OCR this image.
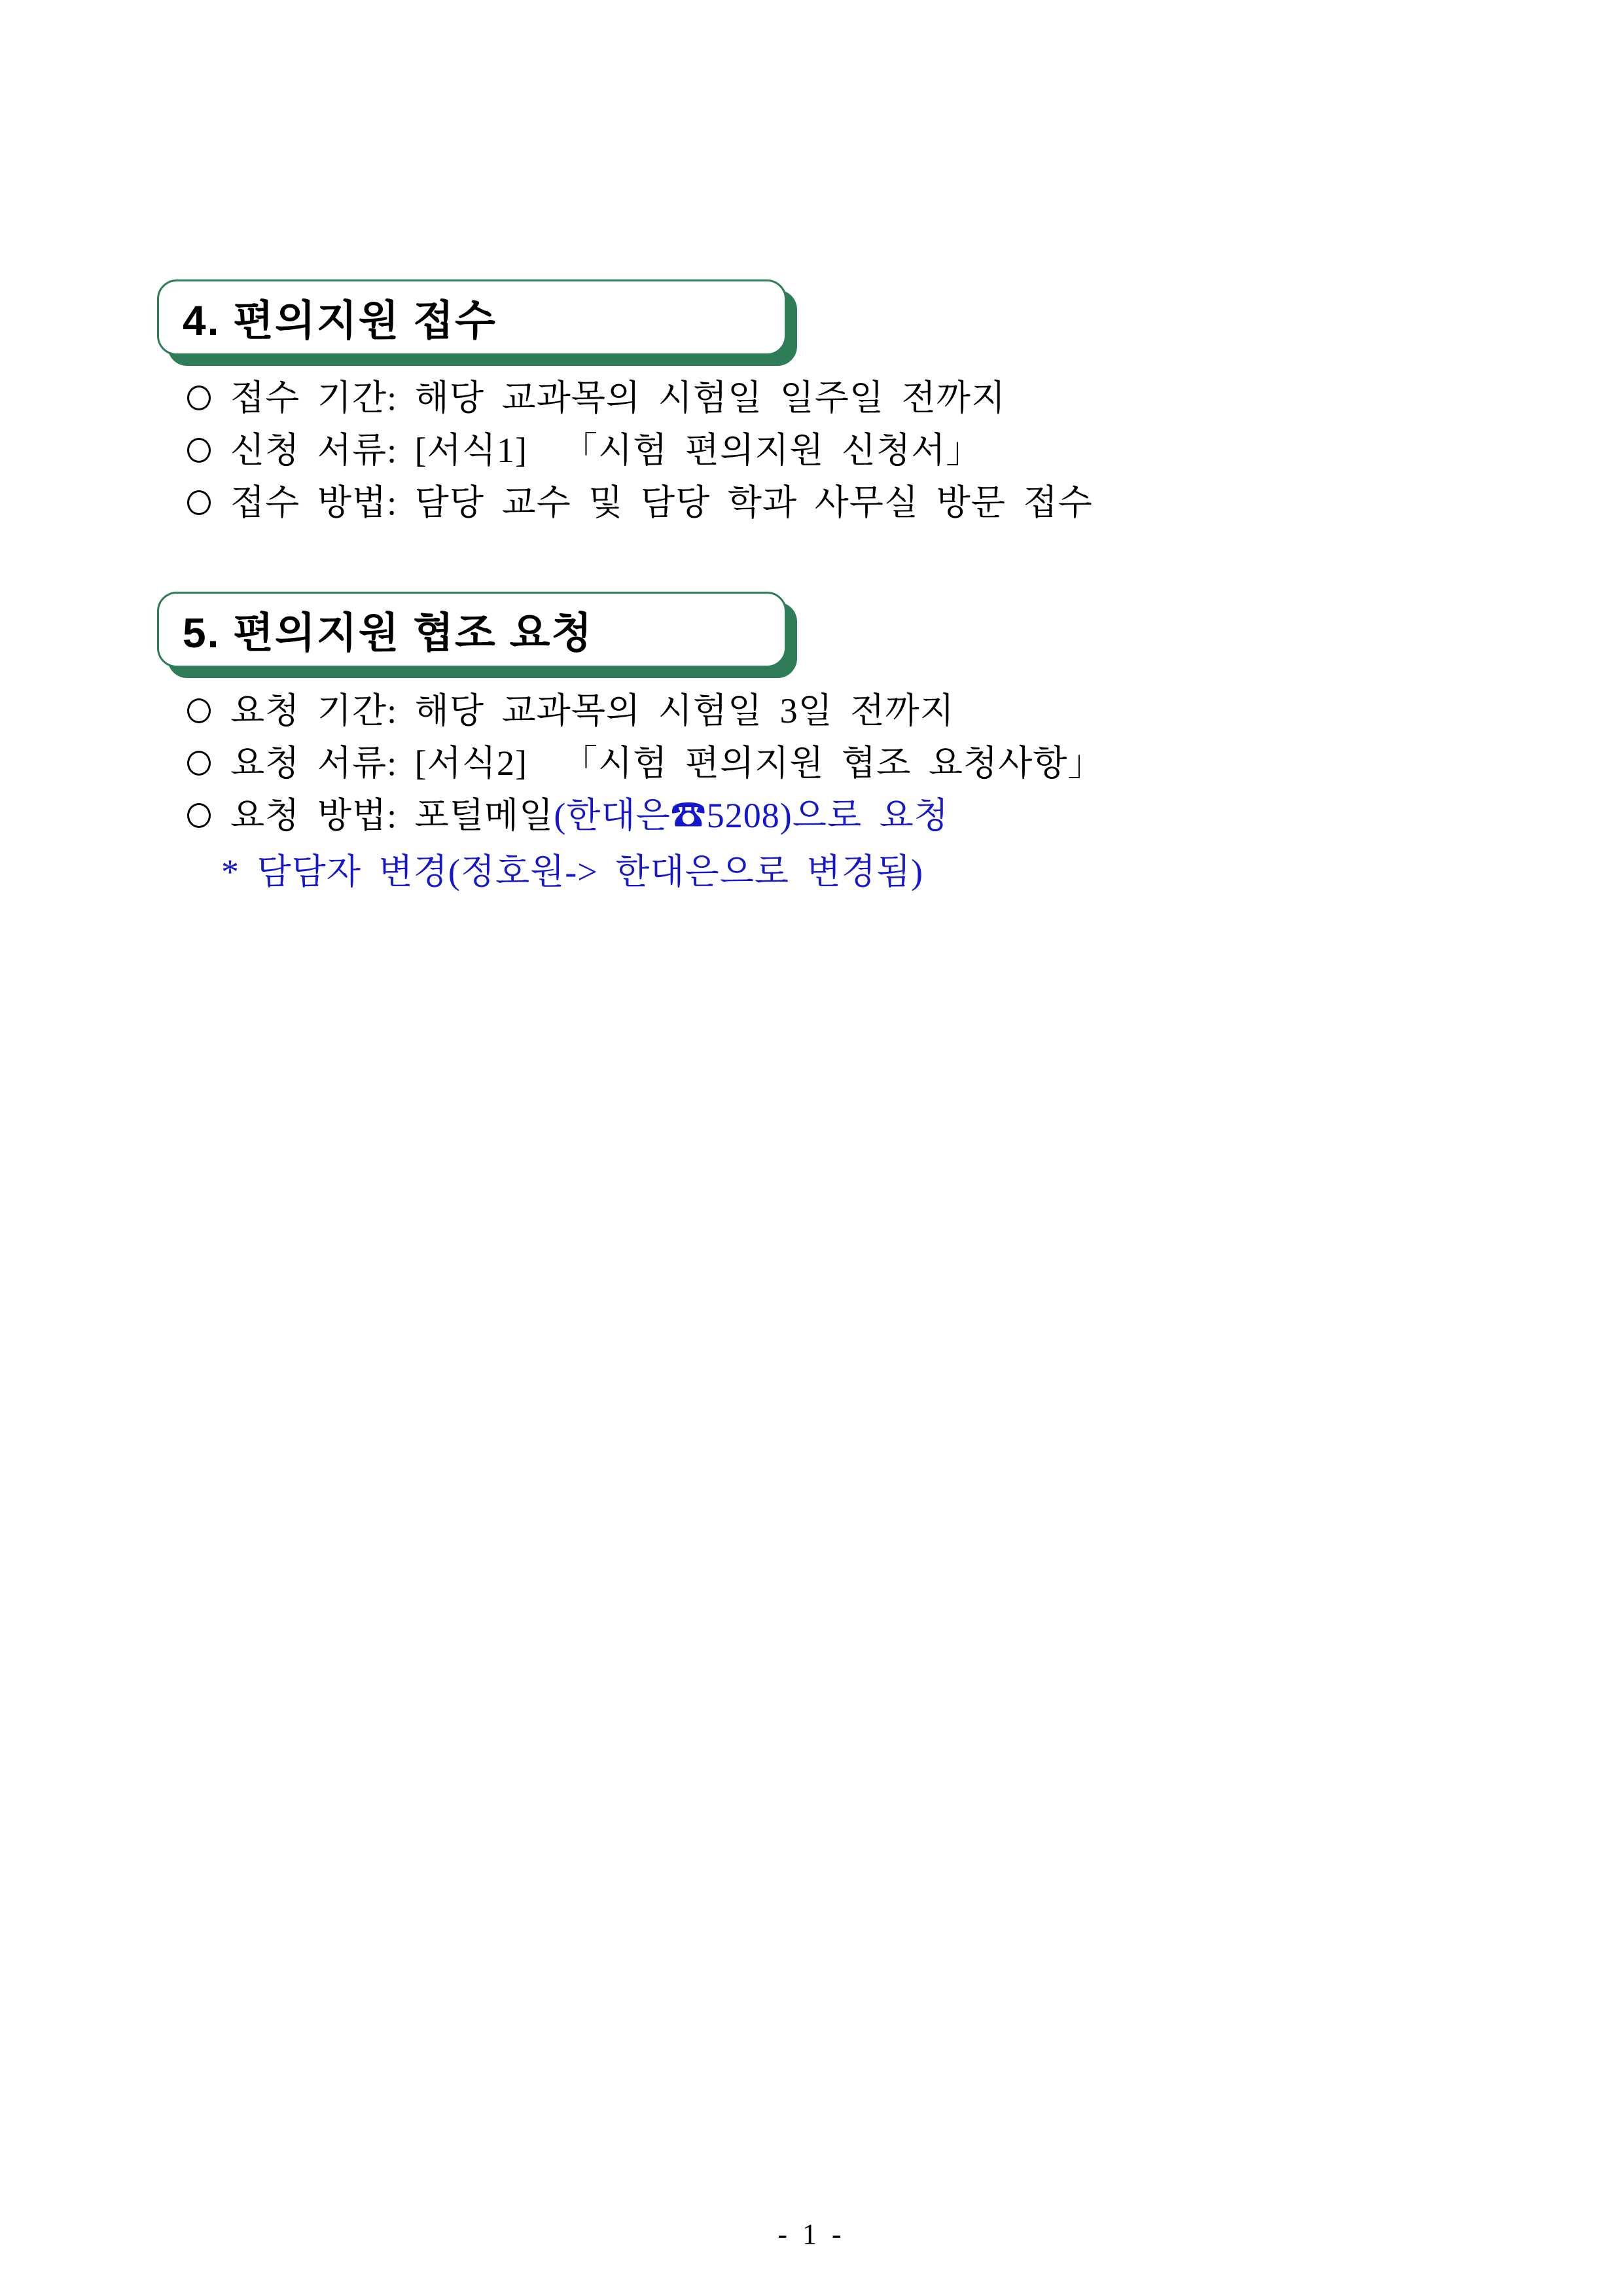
4. 편의지원 접수
접수 기간: 해당 교과목의 시험일 일주일 전까지
신청 서류: [서식1]  「시험 편의지원 신청서」
접수 방법: 담당 교수 및 담당 학과 사무실 방문 접수
5. 편의지원 협조 요청
요청 기간: 해당 교과목의 시험일 3일 전까지
요청 서류: [서식2]  「시험 편의지원 협조 요청사항」
요청 방법: 포털메일(한대은☎5208)으로 요청
* 담담자 변경(정호원-> 한대은으로 변경됨)
- 1 -
